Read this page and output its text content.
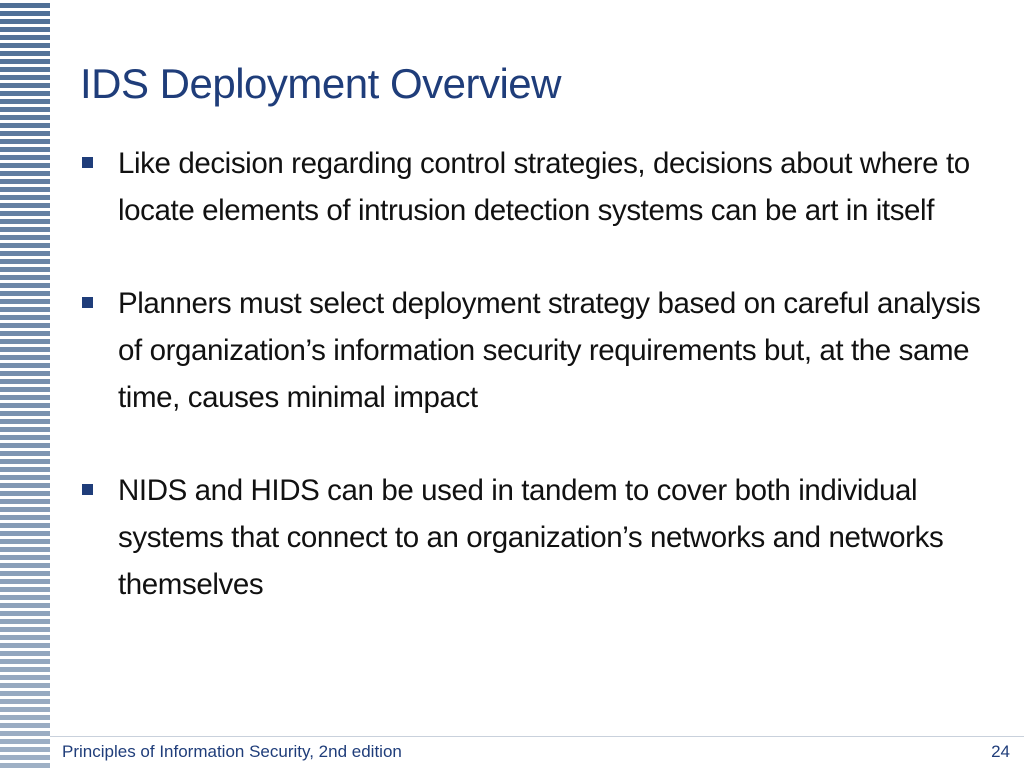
IDS Deployment Overview
Like decision regarding control strategies, decisions about where to locate elements of intrusion detection systems can be art in itself
Planners must select deployment strategy based on careful analysis of organization’s information security requirements but, at the same time, causes minimal impact
NIDS and HIDS can be used in tandem to cover both individual systems that connect to an organization’s networks and networks themselves
Principles of Information Security, 2nd edition	24
